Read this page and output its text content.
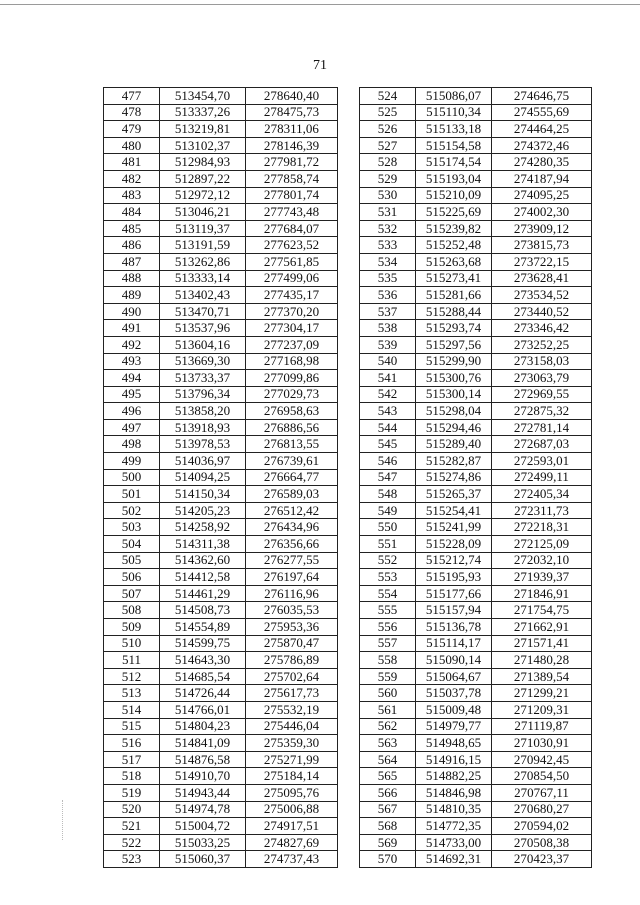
71
477	513454,70	278640,40
478	513337,26	278475,73
479	513219,81	278311,06
480	513102,37	278146,39
481	512984,93	277981,72
482	512897,22	277858,74
483	512972,12	277801,74
484	513046,21	277743,48
485	513119,37	277684,07
486	513191,59	277623,52
487	513262,86	277561,85
488	513333,14	277499,06
489	513402,43	277435,17
490	513470,71	277370,20
491	513537,96	277304,17
492	513604,16	277237,09
493	513669,30	277168,98
494	513733,37	277099,86
495	513796,34	277029,73
496	513858,20	276958,63
497	513918,93	276886,56
498	513978,53	276813,55
499	514036,97	276739,61
500	514094,25	276664,77
501	514150,34	276589,03
502	514205,23	276512,42
503	514258,92	276434,96
504	514311,38	276356,66
505	514362,60	276277,55
506	514412,58	276197,64
507	514461,29	276116,96
508	514508,73	276035,53
509	514554,89	275953,36
510	514599,75	275870,47
511	514643,30	275786,89
512	514685,54	275702,64
513	514726,44	275617,73
514	514766,01	275532,19
515	514804,23	275446,04
516	514841,09	275359,30
517	514876,58	275271,99
518	514910,70	275184,14
519	514943,44	275095,76
520	514974,78	275006,88
521	515004,72	274917,51
522	515033,25	274827,69
523	515060,37	274737,43
524	515086,07	274646,75
525	515110,34	274555,69
526	515133,18	274464,25
527	515154,58	274372,46
528	515174,54	274280,35
529	515193,04	274187,94
530	515210,09	274095,25
531	515225,69	274002,30
532	515239,82	273909,12
533	515252,48	273815,73
534	515263,68	273722,15
535	515273,41	273628,41
536	515281,66	273534,52
537	515288,44	273440,52
538	515293,74	273346,42
539	515297,56	273252,25
540	515299,90	273158,03
541	515300,76	273063,79
542	515300,14	272969,55
543	515298,04	272875,32
544	515294,46	272781,14
545	515289,40	272687,03
546	515282,87	272593,01
547	515274,86	272499,11
548	515265,37	272405,34
549	515254,41	272311,73
550	515241,99	272218,31
551	515228,09	272125,09
552	515212,74	272032,10
553	515195,93	271939,37
554	515177,66	271846,91
555	515157,94	271754,75
556	515136,78	271662,91
557	515114,17	271571,41
558	515090,14	271480,28
559	515064,67	271389,54
560	515037,78	271299,21
561	515009,48	271209,31
562	514979,77	271119,87
563	514948,65	271030,91
564	514916,15	270942,45
565	514882,25	270854,50
566	514846,98	270767,11
567	514810,35	270680,27
568	514772,35	270594,02
569	514733,00	270508,38
570	514692,31	270423,37
